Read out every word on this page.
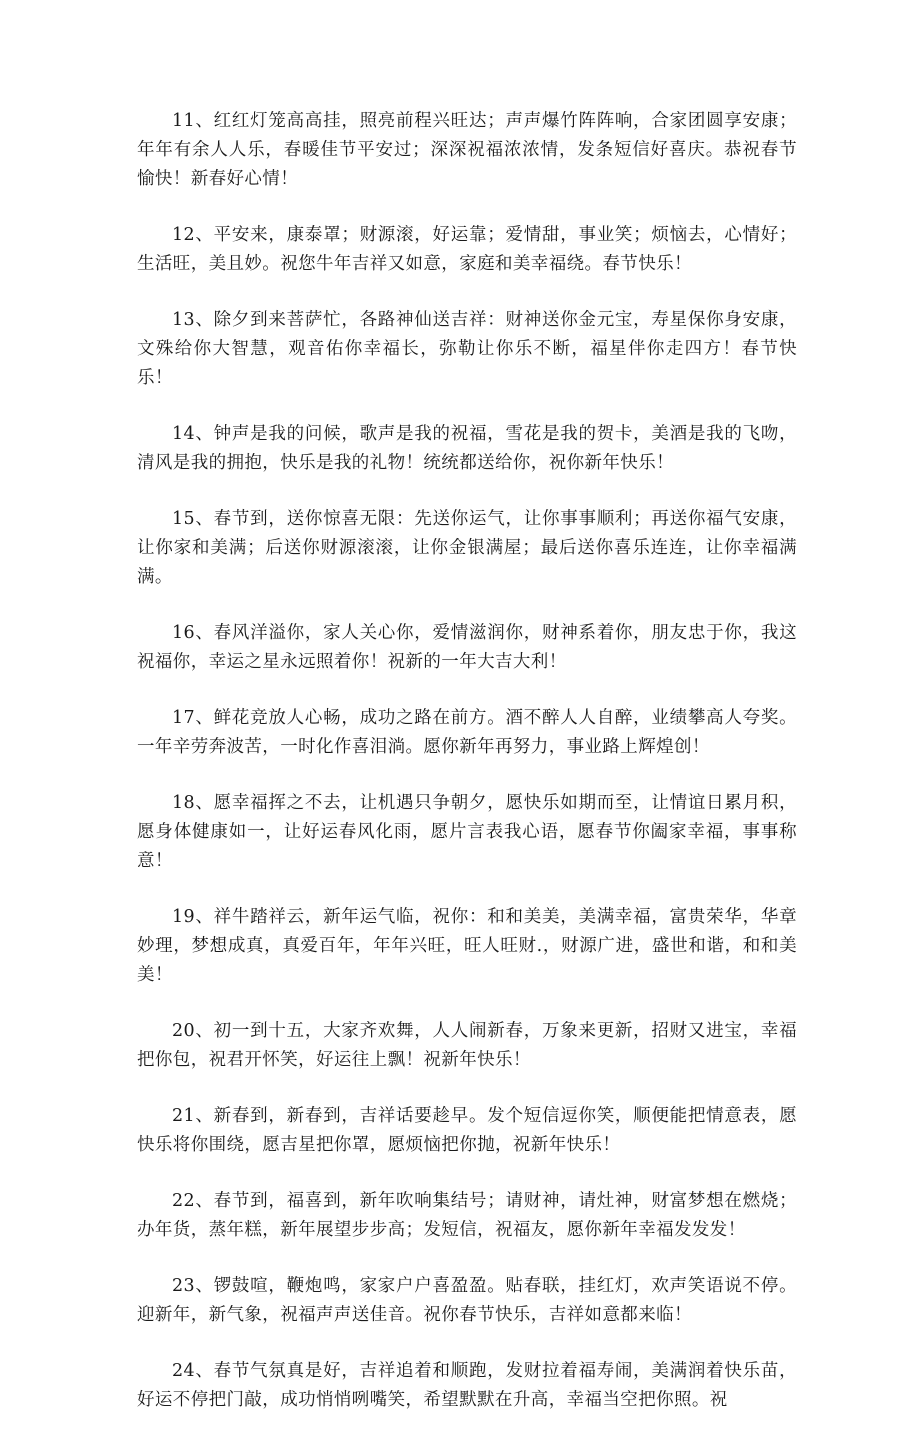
11、红红灯笼高高挂，照亮前程兴旺达；声声爆竹阵阵响，合家团圆享安康；年年有余人人乐，春暖佳节平安过；深深祝福浓浓情，发条短信好喜庆。恭祝春节愉快！新春好心情！

12、平安来，康泰罩；财源滚，好运靠；爱情甜，事业笑；烦恼去，心情好；生活旺，美且妙。祝您牛年吉祥又如意，家庭和美幸福绕。春节快乐！

13、除夕到来菩萨忙，各路神仙送吉祥：财神送你金元宝，寿星保你身安康，文殊给你大智慧，观音佑你幸福长，弥勒让你乐不断，福星伴你走四方！春节快乐！

14、钟声是我的问候，歌声是我的祝福，雪花是我的贺卡，美酒是我的飞吻，清风是我的拥抱，快乐是我的礼物！统统都送给你，祝你新年快乐！

15、春节到，送你惊喜无限：先送你运气，让你事事顺利；再送你福气安康，让你家和美满；后送你财源滚滚，让你金银满屋；最后送你喜乐连连，让你幸福满满。

16、春风洋溢你，家人关心你，爱情滋润你，财神系着你，朋友忠于你，我这祝福你，幸运之星永远照着你！祝新的一年大吉大利！

17、鲜花竞放人心畅，成功之路在前方。酒不醉人人自醉，业绩攀高人夸奖。一年辛劳奔波苦，一时化作喜泪淌。愿你新年再努力，事业路上辉煌创！

18、愿幸福挥之不去，让机遇只争朝夕，愿快乐如期而至，让情谊日累月积，愿身体健康如一，让好运春风化雨，愿片言表我心语，愿春节你阖家幸福，事事称意！

19、祥牛踏祥云，新年运气临，祝你：和和美美，美满幸福，富贵荣华，华章妙理，梦想成真，真爱百年，年年兴旺，旺人旺财.，财源广进，盛世和谐，和和美美！

20、初一到十五，大家齐欢舞，人人闹新春，万象来更新，招财又进宝，幸福把你包，祝君开怀笑，好运往上飘！祝新年快乐！

21、新春到，新春到，吉祥话要趁早。发个短信逗你笑，顺便能把情意表，愿快乐将你围绕，愿吉星把你罩，愿烦恼把你抛，祝新年快乐！

22、春节到，福喜到，新年吹响集结号；请财神，请灶神，财富梦想在燃烧；办年货，蒸年糕，新年展望步步高；发短信，祝福友，愿你新年幸福发发发！

23、锣鼓喧，鞭炮鸣，家家户户喜盈盈。贴春联，挂红灯，欢声笑语说不停。迎新年，新气象，祝福声声送佳音。祝你春节快乐，吉祥如意都来临！

24、春节气氛真是好，吉祥追着和顺跑，发财拉着福寿闹，美满润着快乐苗，好运不停把门敲，成功悄悄咧嘴笑，希望默默在升高，幸福当空把你照。祝
